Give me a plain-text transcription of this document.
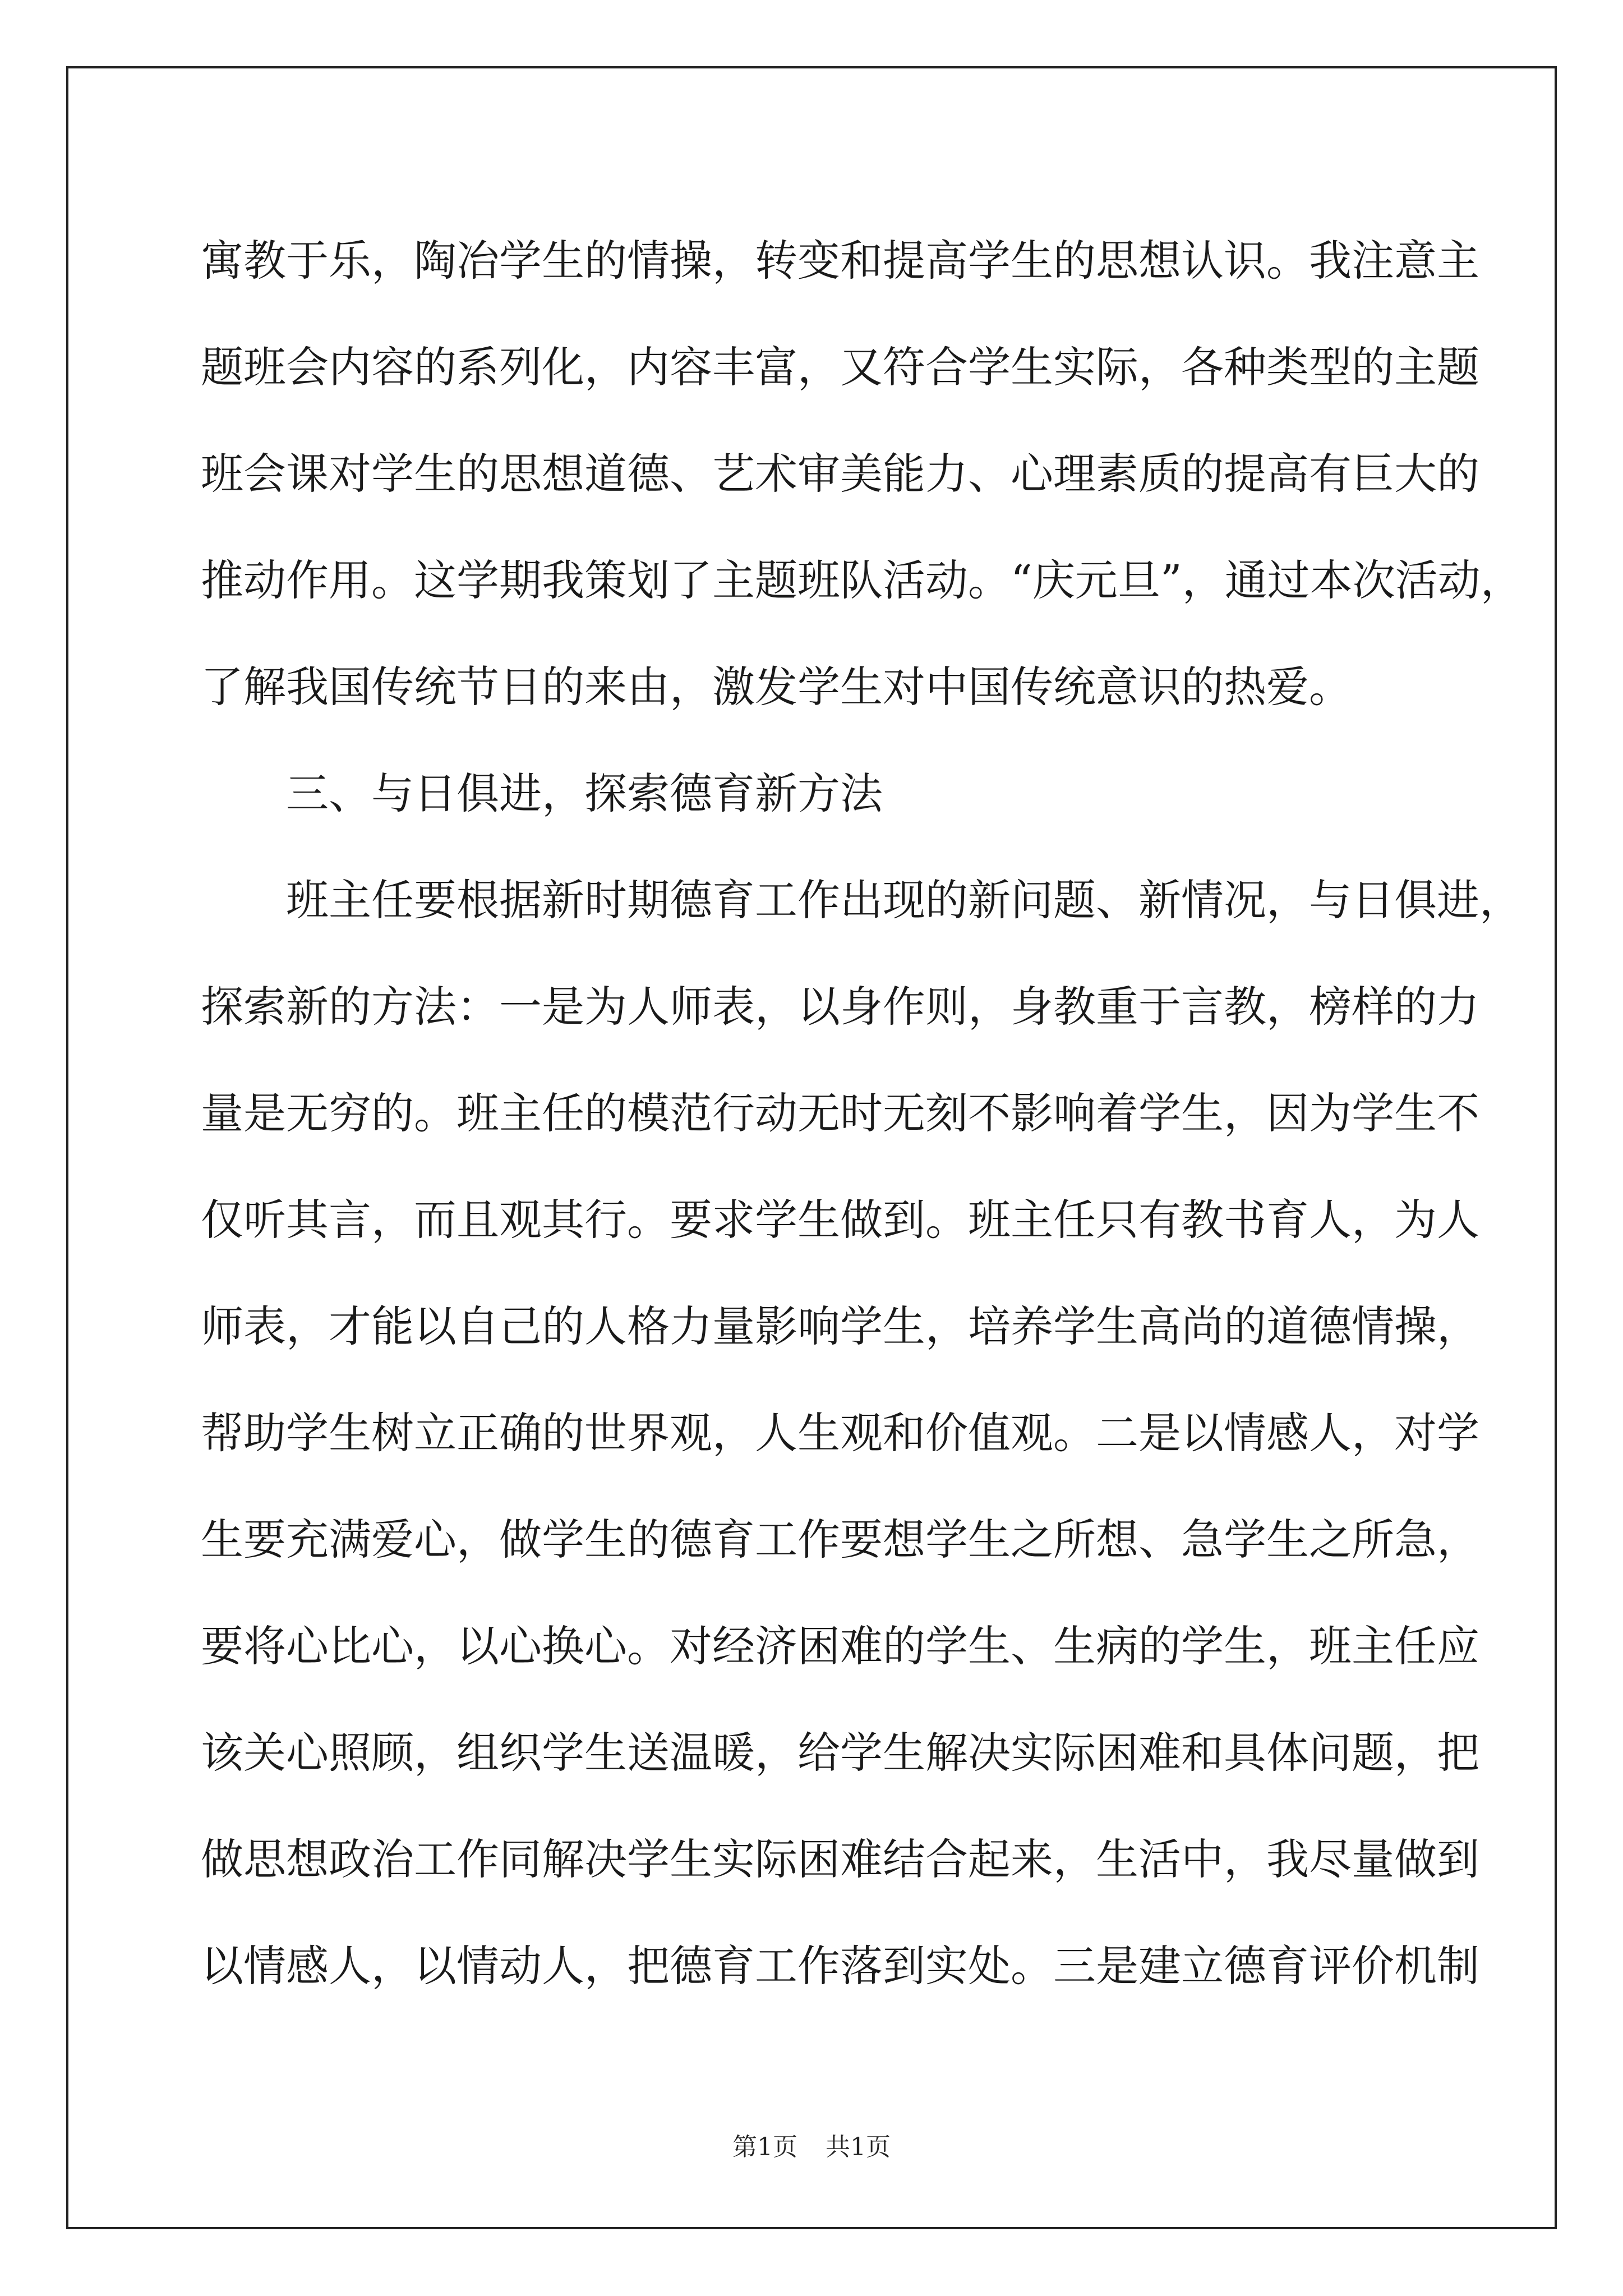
寓教于乐，陶冶学生的情操，转变和提高学生的思想认识。我注意主
题班会内容的系列化，内容丰富，又符合学生实际，各种类型的主题
班会课对学生的思想道德、艺术审美能力、心理素质的提高有巨大的
推动作用。这学期我策划了主题班队活动。“庆元旦”，通过本次活动，
了解我国传统节日的来由，激发学生对中国传统意识的热爱。
三、与日俱进，探索德育新方法
班主任要根据新时期德育工作出现的新问题、新情况，与日俱进，
探索新的方法：一是为人师表，以身作则，身教重于言教，榜样的力
量是无穷的。班主任的模范行动无时无刻不影响着学生，因为学生不
仅听其言，而且观其行。要求学生做到。班主任只有教书育人，为人
师表，才能以自己的人格力量影响学生，培养学生高尚的道德情操，
帮助学生树立正确的世界观，人生观和价值观。二是以情感人，对学
生要充满爱心，做学生的德育工作要想学生之所想、急学生之所急，
要将心比心，以心换心。对经济困难的学生、生病的学生，班主任应
该关心照顾，组织学生送温暖，给学生解决实际困难和具体问题，把
做思想政治工作同解决学生实际困难结合起来，生活中，我尽量做到
以情感人，以情动人，把德育工作落到实处。三是建立德育评价机制
第1页 共1页
